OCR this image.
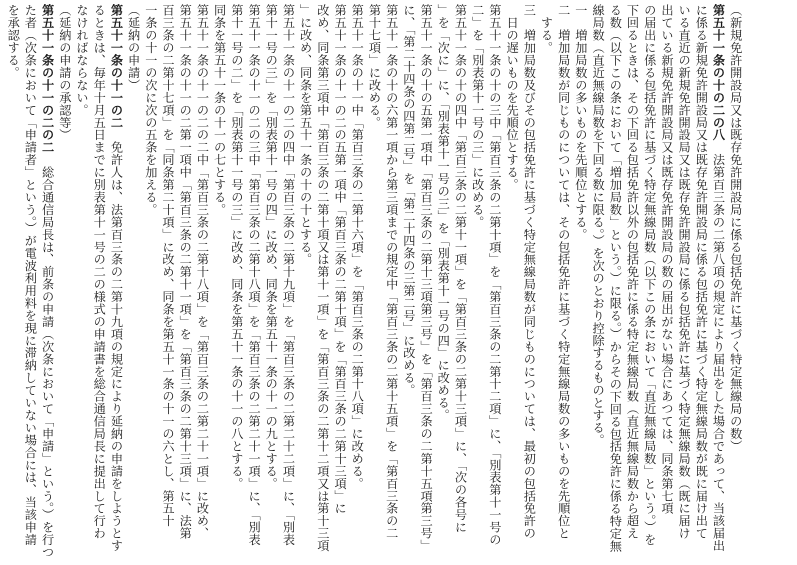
（新規免許開設局又は既存免許開設局に係る包括免許に基づく特定無線局の数）
第五十一条の十の二の八　法第百三条の二第八項の規定により届出をした場合であって、当該届出
に係る新規免許開設局又は既存免許開設局に係る包括免許に基づく特定無線局数が既に届け出て
いる直近の新規免許開設局又は既存免許開設局に係る包括免許に基づく特定無線局数（既に届け
出ている新規免許開設局又は既存免許開設局の数の届出がない場合にあつては、同条第七項
の届出に係る包括免許に基づく特定無線局数（以下この条において「直近無線局数」という。）を
下回るときは、その下回る包括免許以外の包括免許に係る特定無線局数（直近無線局数から超え
る数（以下この条において「増加局数」という。）に限る。）からその下回る包括免許に係る特定無
線局数（直近無線局数を下回る数に限る。）を次のとおり控除するものとする。
一　増加局数の多いものを先順位とする。
二　増加局数が同じものについては、その包括免許に基づく特定無線局数の多いものを先順位と
　する。
三　増加局数及びその包括免許に基づく特定無線局数が同じものについては、最初の包括免許の
　日の遅いものを先順位とする。
第五十一条の十の三中「第百三条の二第十項」を「第百三条の二第十二項」に、「別表第十一号の
二」を「別表第十一号の三」に改める。
第五十一条の十の四中「第百三条の二第十一項」を「第百三条の二第十三項」に、「次の各号に
」を「次に」に、「別表第十一号の三」を「別表第十一号の四」に改める。
第五十一条の十の五第一項中「第百三条の二第十三項第三号」を「第百三条の二第十五項第三号」
に、「第二十四条の四第二号」を「第二十四条の三第二号」に改める。
第五十一条の十の六第一項から第三項までの規定中「第百三条の二第十五項」を「第百三条の二
第十七項」に改める。
第五十一条の十一中「第百三条の二第十六項」を「第百三条の二第十八項」に改める。
第五十一条の十一の二の五第一項中「第百三条の二第十項」を「第百三条の二第十三項」に
改め、同条第三項中「第百三条の二第十項又は第十一項」を「第百三条の二第十二項又は第十三項
」に改め、同条を第五十一条の十の十とする。
第五十一条の十一の二の四中「第百三条の二第十九項」を「第百三条の二第二十二項」に、「別表
第十一号の三」を「別表第十一号の四」に改め、同条を第五十一条の十一の九とする。
第五十一条の十一の二の三中「第百三条の二第十八項」を「第百三条の二第二十一項」に、「別表
第十一号の二」を「別表第十一号の三」に改め、同条を第五十一条の十一の八とする。
同条を第五十一条の十一の七とする。
第五十一条の十一の二の二中「第百三条の二第十八項」を「第百三条の二第二十一項」に改め、
第五十一条の十一の二第一項中「第百三条の二第十一項」を「第百三条の二第十三項」に、法第
百三条の二第十七項」を「同条第二十項」に改め、同条を第五十一条の十一の六とし、第五十
一条の十一の次に次の五条を加える。
（延納の申請）
第五十一条の十一の二　免許人は、法第百三条の二第十九項の規定により延納の申請をしようとす
るときは、毎年十月五日までに別表第十一号の二の様式の申請書を総合通信局長に提出して行わ
なければならない。
（延納の申請の承認等）
第五十一条の十一の二の二　総合通信局長は、前条の申請（次条において「申請」という。）を行つ
た者（次条において「申請者」という。）が電波利用料を現に滞納していない場合には、当該申請
を承認する。
